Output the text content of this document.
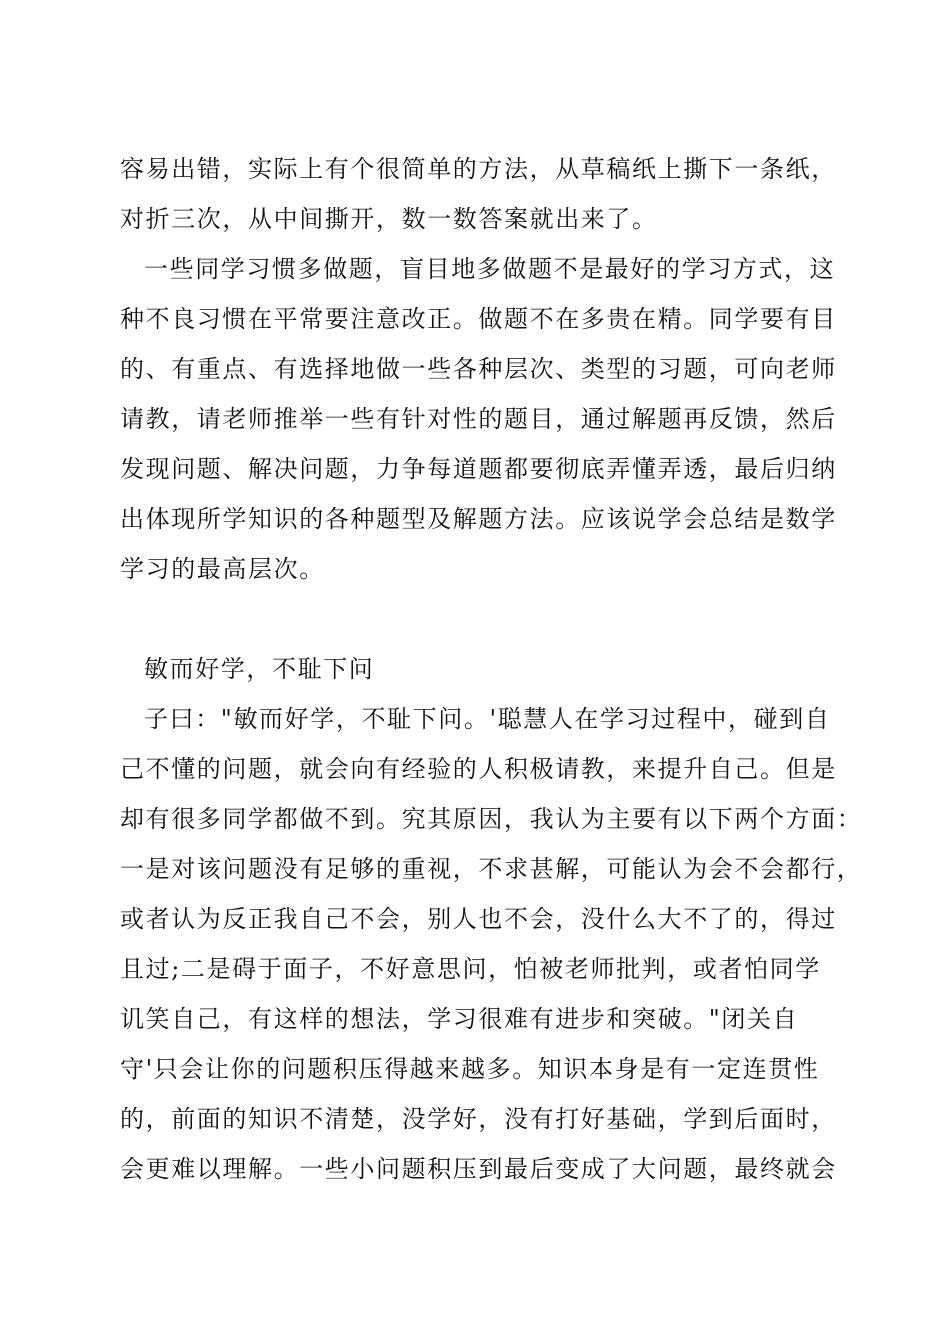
容易出错，实际上有个很简单的方法，从草稿纸上撕下一条纸，
对折三次，从中间撕开，数一数答案就出来了。
一些同学习惯多做题，盲目地多做题不是最好的学习方式，这
种不良习惯在平常要注意改正。做题不在多贵在精。同学要有目
的、有重点、有选择地做一些各种层次、类型的习题，可向老师
请教，请老师推举一些有针对性的题目，通过解题再反馈，然后
发现问题、解决问题，力争每道题都要彻底弄懂弄透，最后归纳
出体现所学知识的各种题型及解题方法。应该说学会总结是数学
学习的最高层次。
敏而好学，不耻下问
子曰："敏而好学，不耻下问。'聪慧人在学习过程中，碰到自
己不懂的问题，就会向有经验的人积极请教，来提升自己。但是
却有很多同学都做不到。究其原因，我认为主要有以下两个方面：
一是对该问题没有足够的重视，不求甚解，可能认为会不会都行，
或者认为反正我自己不会，别人也不会，没什么大不了的，得过
且过;二是碍于面子，不好意思问，怕被老师批判，或者怕同学
讥笑自己，有这样的想法，学习很难有进步和突破。"闭关自
守'只会让你的问题积压得越来越多。知识本身是有一定连贯性
的，前面的知识不清楚，没学好，没有打好基础，学到后面时，
会更难以理解。一些小问题积压到最后变成了大问题，最终就会
